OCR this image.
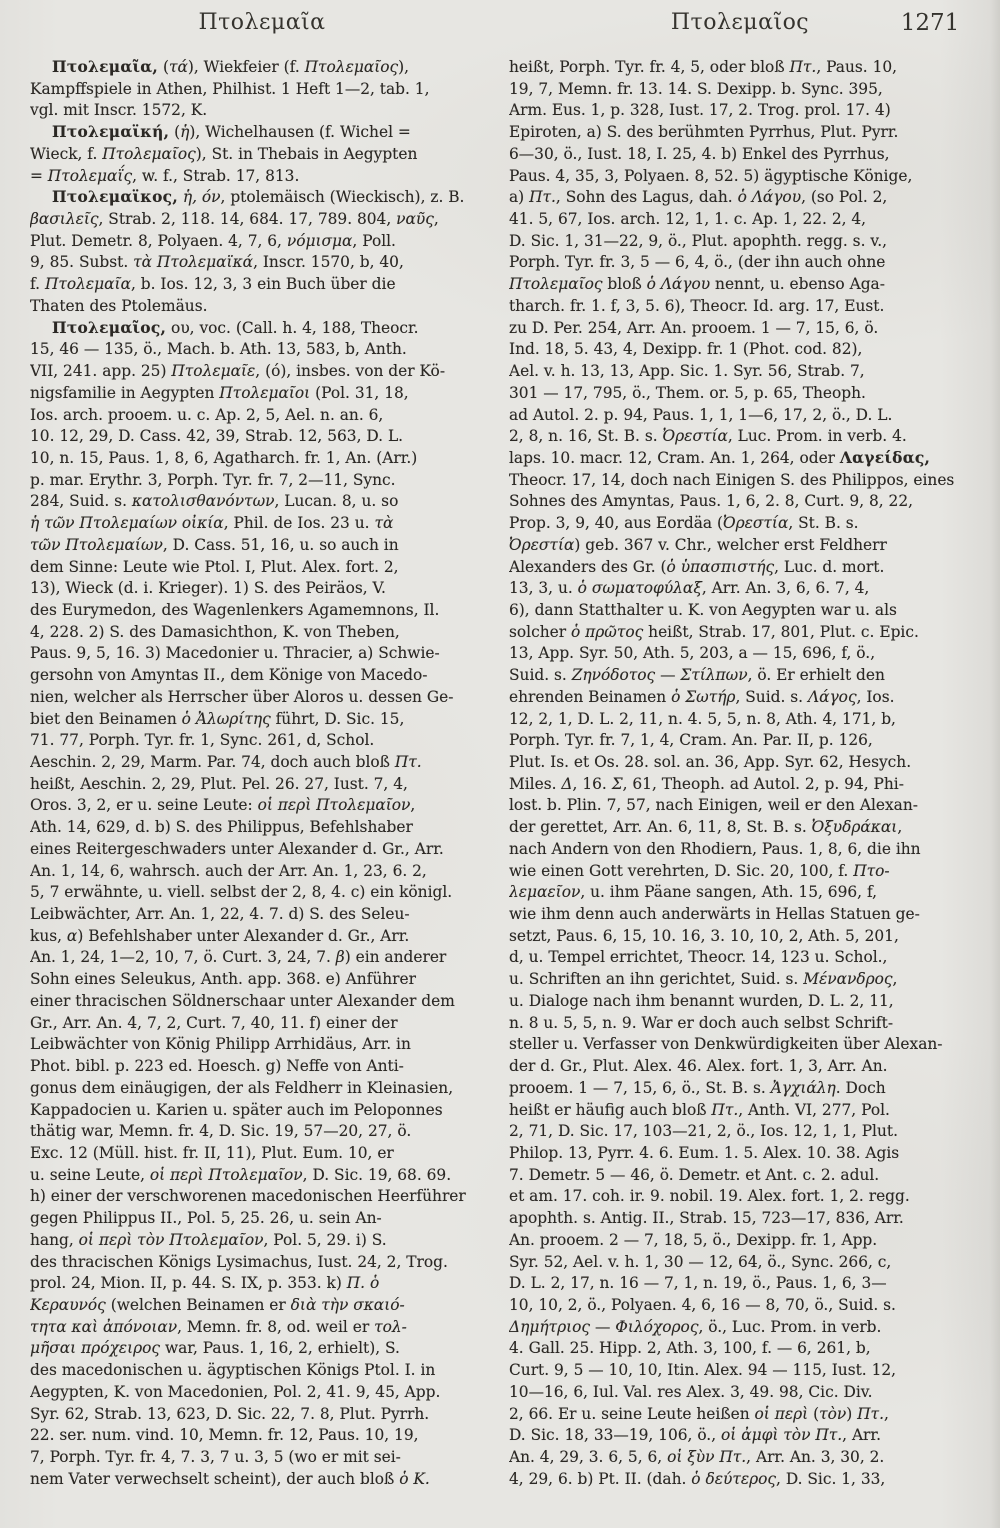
Πτολεμαῖα	Πτολεμαῖος	1271
Πτολεμαῖα, (τά), Wiekfeier (f. Πτολεμαῖος),
Kampffspiele in Athen, Philhist. 1 Heft 1—2, tab. 1,
vgl. mit Inscr. 1572, K.
Πτολεμαϊκή, (ἡ), Wichelhausen (f. Wichel =
Wieck, f. Πτολεμαῖος), St. in Thebais in Aegypten
= Πτολεμαΐς, w. f., Strab. 17, 813.
Πτολεμαϊκος, ἡ, όν, ptolemäisch (Wieckisch), z. B.
βασιλεῖς, Strab. 2, 118. 14, 684. 17, 789. 804, ναῦς,
Plut. Demetr. 8, Polyaen. 4, 7, 6, νόμισμα, Poll.
9, 85. Subst. τὰ Πτολεμαϊκά, Inscr. 1570, b, 40,
f. Πτολεμαῖα, b. Ios. 12, 3, 3 ein Buch über die
Thaten des Ptolemäus.
Πτολεμαῖος, ου, voc. (Call. h. 4, 188, Theocr.
15, 46 — 135, ö., Mach. b. Ath. 13, 583, b, Anth.
VII, 241. app. 25) Πτολεμαῖε, (ό), insbes. von der Kö-
nigsfamilie in Aegypten Πτολεμαῖοι (Pol. 31, 18,
Ios. arch. prooem. u. c. Ap. 2, 5, Ael. n. an. 6,
10. 12, 29, D. Cass. 42, 39, Strab. 12, 563, D. L.
10, n. 15, Paus. 1, 8, 6, Agatharch. fr. 1, An. (Arr.)
p. mar. Erythr. 3, Porph. Tyr. fr. 7, 2—11, Sync.
284, Suid. s. κατολισθανόντων, Lucan. 8, u. so
ἡ τῶν Πτολεμαίων οἰκία, Phil. de Ios. 23 u. τὰ
τῶν Πτολεμαίων, D. Cass. 51, 16, u. so auch in
dem Sinne: Leute wie Ptol. I, Plut. Alex. fort. 2,
13), Wieck (d. i. Krieger). 1) S. des Peiräos, V.
des Eurymedon, des Wagenlenkers Agamemnons, Il.
4, 228. 2) S. des Damasichthon, K. von Theben,
Paus. 9, 5, 16. 3) Macedonier u. Thracier, a) Schwie-
gersohn von Amyntas II., dem Könige von Macedo-
nien, welcher als Herrscher über Aloros u. dessen Ge-
biet den Beinamen ὁ Ἀλωρίτης führt, D. Sic. 15,
71. 77, Porph. Tyr. fr. 1, Sync. 261, d, Schol.
Aeschin. 2, 29, Marm. Par. 74, doch auch bloß Πτ.
heißt, Aeschin. 2, 29, Plut. Pel. 26. 27, Iust. 7, 4,
Oros. 3, 2, er u. seine Leute: οἱ περὶ Πτολεμαῖον,
Ath. 14, 629, d. b) S. des Philippus, Befehlshaber
eines Reitergeschwaders unter Alexander d. Gr., Arr.
An. 1, 14, 6, wahrsch. auch der Arr. An. 1, 23, 6. 2,
5, 7 erwähnte, u. viell. selbst der 2, 8, 4. c) ein königl.
Leibwächter, Arr. An. 1, 22, 4. 7. d) S. des Seleu-
kus, α) Befehlshaber unter Alexander d. Gr., Arr.
An. 1, 24, 1—2, 10, 7, ö. Curt. 3, 24, 7. β) ein anderer
Sohn eines Seleukus, Anth. app. 368. e) Anführer
einer thracischen Söldnerschaar unter Alexander dem
Gr., Arr. An. 4, 7, 2, Curt. 7, 40, 11. f) einer der
Leibwächter von König Philipp Arrhidäus, Arr. in
Phot. bibl. p. 223 ed. Hoesch. g) Neffe von Anti-
gonus dem einäugigen, der als Feldherr in Kleinasien,
Kappadocien u. Karien u. später auch im Peloponnes
thätig war, Memn. fr. 4, D. Sic. 19, 57—20, 27, ö.
Exc. 12 (Müll. hist. fr. II, 11), Plut. Eum. 10, er
u. seine Leute, οἱ περὶ Πτολεμαῖον, D. Sic. 19, 68. 69.
h) einer der verschworenen macedonischen Heerführer
gegen Philippus II., Pol. 5, 25. 26, u. sein An-
hang, οἱ περὶ τὸν Πτολεμαῖον, Pol. 5, 29. i) S.
des thracischen Königs Lysimachus, Iust. 24, 2, Trog.
prol. 24, Mion. II, p. 44. S. IX, p. 353. k) Π. ὁ
Κεραυνός (welchen Beinamen er διὰ τὴν σκαιό-
τητα καὶ ἀπόνοιαν, Memn. fr. 8, od. weil er τολ-
μῆσαι πρόχειρος war, Paus. 1, 16, 2, erhielt), S.
des macedonischen u. ägyptischen Königs Ptol. I. in
Aegypten, K. von Macedonien, Pol. 2, 41. 9, 45, App.
Syr. 62, Strab. 13, 623, D. Sic. 22, 7. 8, Plut. Pyrrh.
22. ser. num. vind. 10, Memn. fr. 12, Paus. 10, 19,
7, Porph. Tyr. fr. 4, 7. 3, 7 u. 3, 5 (wo er mit sei-
nem Vater verwechselt scheint), der auch bloß ὁ Κ.
heißt, Porph. Tyr. fr. 4, 5, oder bloß Πτ., Paus. 10,
19, 7, Memn. fr. 13. 14. S. Dexipp. b. Sync. 395,
Arm. Eus. 1, p. 328, Iust. 17, 2. Trog. prol. 17. 4)
Epiroten, a) S. des berühmten Pyrrhus, Plut. Pyrr.
6—30, ö., Iust. 18, I. 25, 4. b) Enkel des Pyrrhus,
Paus. 4, 35, 3, Polyaen. 8, 52. 5) ägyptische Könige,
a) Πτ., Sohn des Lagus, dah. ὁ Λάγου, (so Pol. 2,
41. 5, 67, Ios. arch. 12, 1, 1. c. Ap. 1, 22. 2, 4,
D. Sic. 1, 31—22, 9, ö., Plut. apophth. regg. s. v.,
Porph. Tyr. fr. 3, 5 — 6, 4, ö., (der ihn auch ohne
Πτολεμαῖος bloß ὁ Λάγου nennt, u. ebenso Aga-
tharch. fr. 1. f, 3, 5. 6), Theocr. Id. arg. 17, Eust.
zu D. Per. 254, Arr. An. prooem. 1 — 7, 15, 6, ö.
Ind. 18, 5. 43, 4, Dexipp. fr. 1 (Phot. cod. 82),
Ael. v. h. 13, 13, App. Sic. 1. Syr. 56, Strab. 7,
301 — 17, 795, ö., Them. or. 5, p. 65, Theoph.
ad Autol. 2. p. 94, Paus. 1, 1, 1—6, 17, 2, ö., D. L.
2, 8, n. 16, St. B. s. Ὀρεστία, Luc. Prom. in verb. 4.
laps. 10. macr. 12, Cram. An. 1, 264, oder Λαγείδας,
Theocr. 17, 14, doch nach Einigen S. des Philippos, eines
Sohnes des Amyntas, Paus. 1, 6, 2. 8, Curt. 9, 8, 22,
Prop. 3, 9, 40, aus Eordäa (Ὀρεστία, St. B. s.
Ὀρεστία) geb. 367 v. Chr., welcher erst Feldherr
Alexanders des Gr. (ὁ ὑπασπιστής, Luc. d. mort.
13, 3, u. ὁ σωματοφύλαξ, Arr. An. 3, 6, 6. 7, 4,
6), dann Statthalter u. K. von Aegypten war u. als
solcher ὁ πρῶτος heißt, Strab. 17, 801, Plut. c. Epic.
13, App. Syr. 50, Ath. 5, 203, a — 15, 696, f, ö.,
Suid. s. Ζηνόδοτος — Στίλπων, ö. Er erhielt den
ehrenden Beinamen ὁ Σωτήρ, Suid. s. Λάγος, Ios.
12, 2, 1, D. L. 2, 11, n. 4. 5, 5, n. 8, Ath. 4, 171, b,
Porph. Tyr. fr. 7, 1, 4, Cram. An. Par. II, p. 126,
Plut. Is. et Os. 28. sol. an. 36, App. Syr. 62, Hesych.
Miles. Δ, 16. Σ, 61, Theoph. ad Autol. 2, p. 94, Phi-
lost. b. Plin. 7, 57, nach Einigen, weil er den Alexan-
der gerettet, Arr. An. 6, 11, 8, St. B. s. Ὀξυδράκαι,
nach Andern von den Rhodiern, Paus. 1, 8, 6, die ihn
wie einen Gott verehrten, D. Sic. 20, 100, f. Πτο-
λεμαεῖον, u. ihm Päane sangen, Ath. 15, 696, f,
wie ihm denn auch anderwärts in Hellas Statuen ge-
setzt, Paus. 6, 15, 10. 16, 3. 10, 10, 2, Ath. 5, 201,
d, u. Tempel errichtet, Theocr. 14, 123 u. Schol.,
u. Schriften an ihn gerichtet, Suid. s. Μένανδρος,
u. Dialoge nach ihm benannt wurden, D. L. 2, 11,
n. 8 u. 5, 5, n. 9. War er doch auch selbst Schrift-
steller u. Verfasser von Denkwürdigkeiten über Alexan-
der d. Gr., Plut. Alex. 46. Alex. fort. 1, 3, Arr. An.
prooem. 1 — 7, 15, 6, ö., St. B. s. Ἀγχιάλη. Doch
heißt er häufig auch bloß Πτ., Anth. VI, 277, Pol.
2, 71, D. Sic. 17, 103—21, 2, ö., Ios. 12, 1, 1, Plut.
Philop. 13, Pyrr. 4. 6. Eum. 1. 5. Alex. 10. 38. Agis
7. Demetr. 5 — 46, ö. Demetr. et Ant. c. 2. adul.
et am. 17. coh. ir. 9. nobil. 19. Alex. fort. 1, 2. regg.
apophth. s. Antig. II., Strab. 15, 723—17, 836, Arr.
An. prooem. 2 — 7, 18, 5, ö., Dexipp. fr. 1, App.
Syr. 52, Ael. v. h. 1, 30 — 12, 64, ö., Sync. 266, c,
D. L. 2, 17, n. 16 — 7, 1, n. 19, ö., Paus. 1, 6, 3—
10, 10, 2, ö., Polyaen. 4, 6, 16 — 8, 70, ö., Suid. s.
Δημήτριος — Φιλόχορος, ö., Luc. Prom. in verb.
4. Gall. 25. Hipp. 2, Ath. 3, 100, f. — 6, 261, b,
Curt. 9, 5 — 10, 10, Itin. Alex. 94 — 115, Iust. 12,
10—16, 6, Iul. Val. res Alex. 3, 49. 98, Cic. Div.
2, 66. Er u. seine Leute heißen οἱ περὶ (τὸν) Πτ.,
D. Sic. 18, 33—19, 106, ö., οἱ ἀμφὶ τὸν Πτ., Arr.
An. 4, 29, 3. 6, 5, 6, οἱ ξὺν Πτ., Arr. An. 3, 30, 2.
4, 29, 6. b) Pt. II. (dah. ὁ δεύτερος, D. Sic. 1, 33,
